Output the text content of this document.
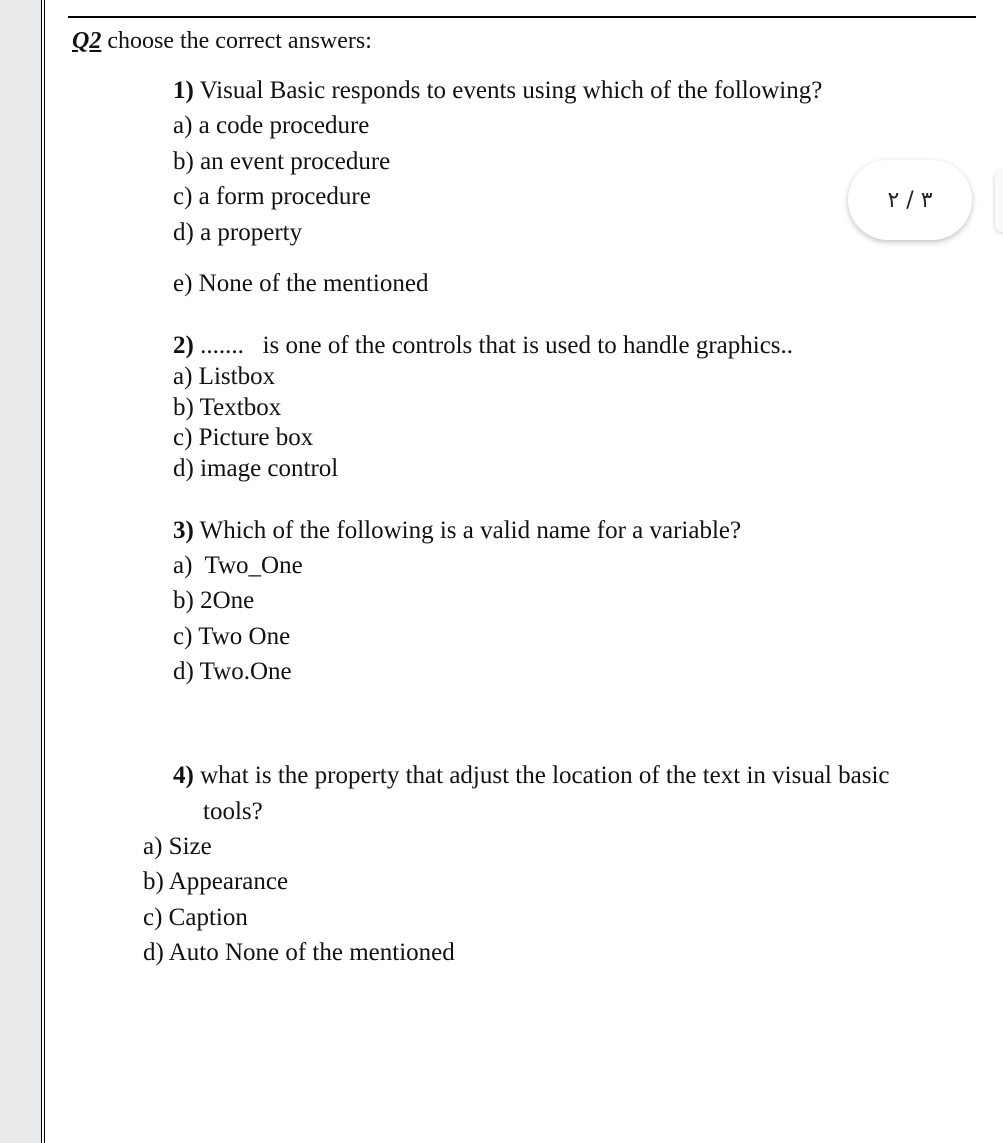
Q2 choose the correct answers:
1) Visual Basic responds to events using which of the following?
a) a code procedure
b) an event procedure
c) a form procedure
d) a property
e) None of the mentioned
2) .......   is one of the controls that is used to handle graphics..
a) Listbox
b) Textbox
c) Picture box
d) image control
3) Which of the following is a valid name for a variable?
a)  Two_One
b) 2One
c) Two One
d) Two.One
4) what is the property that adjust the location of the text in visual basic
tools?
a) Size
b) Appearance
c) Caption
d) Auto None of the mentioned
٣ / ٢
